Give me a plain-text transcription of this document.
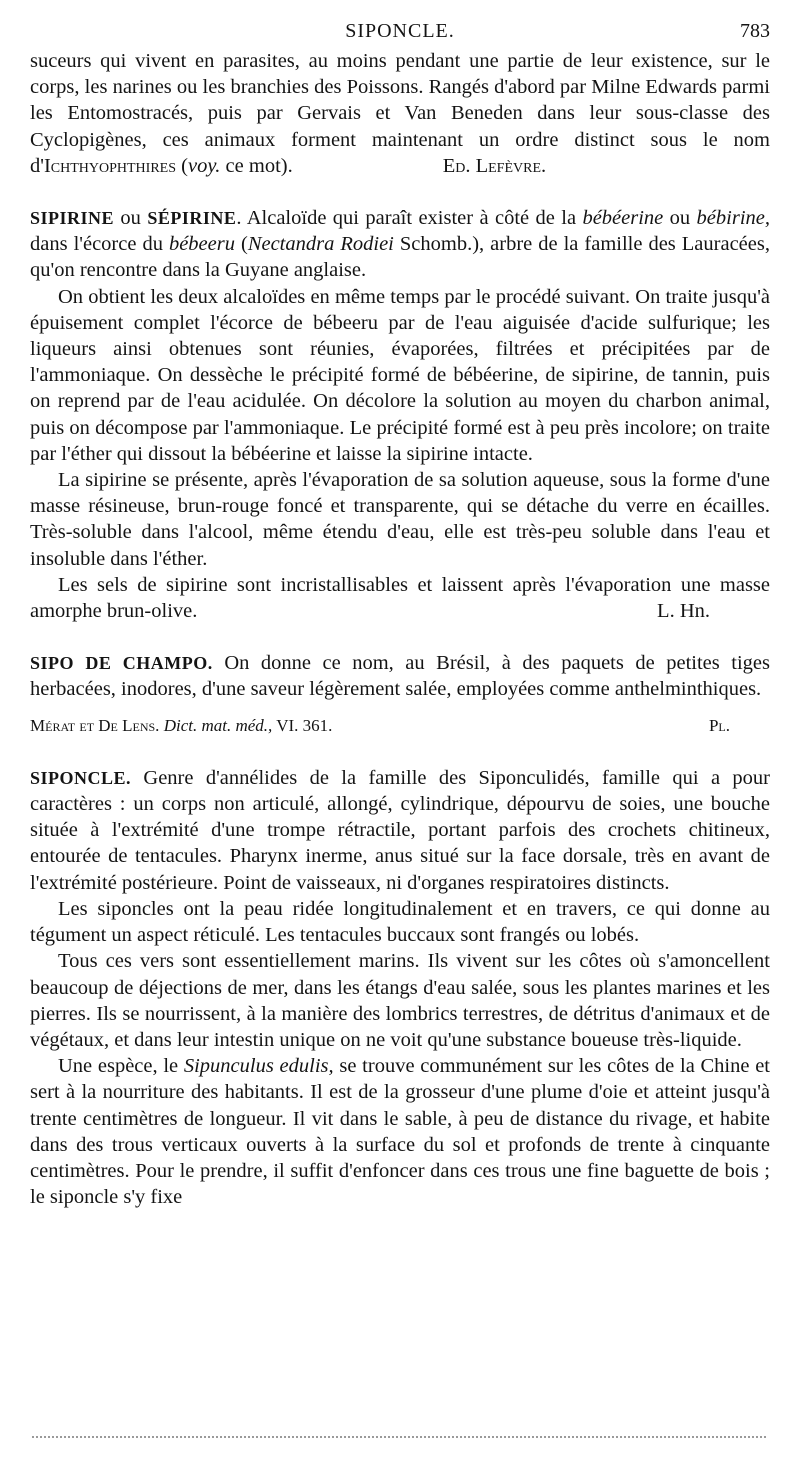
SIPONCLE.	783

suceurs qui vivent en parasites, au moins pendant une partie de leur existence, sur le corps, les narines ou les branchies des Poissons. Rangés d'abord par Milne Edwards parmi les Entomostracés, puis par Gervais et Van Beneden dans leur sous-classe des Cyclopigènes, ces animaux forment maintenant un ordre distinct sous le nom d'Ichthyophthires (voy. ce mot).	Ed. Lefèvre.

SIPIRINE ou SÉPIRINE. Alcaloïde qui paraît exister à côté de la bébéerine ou bébirine, dans l'écorce du bébeeru (Nectandra Rodiei Schomb.), arbre de la famille des Lauracées, qu'on rencontre dans la Guyane anglaise.

On obtient les deux alcaloïdes en même temps par le procédé suivant. On traite jusqu'à épuisement complet l'écorce de bébeeru par de l'eau aiguisée d'acide sulfurique; les liqueurs ainsi obtenues sont réunies, évaporées, filtrées et précipitées par de l'ammoniaque. On dessèche le précipité formé de bébéerine, de sipirine, de tannin, puis on reprend par de l'eau acidulée. On décolore la solution au moyen du charbon animal, puis on décompose par l'ammoniaque. Le précipité formé est à peu près incolore; on traite par l'éther qui dissout la bébéerine et laisse la sipirine intacte.

La sipirine se présente, après l'évaporation de sa solution aqueuse, sous la forme d'une masse résineuse, brun-rouge foncé et transparente, qui se détache du verre en écailles. Très-soluble dans l'alcool, même étendu d'eau, elle est très-peu soluble dans l'eau et insoluble dans l'éther.

Les sels de sipirine sont incristallisables et laissent après l'évaporation une masse amorphe brun-olive.	L. Hn.

SIPO DE CHAMPO. On donne ce nom, au Brésil, à des paquets de petites tiges herbacées, inodores, d'une saveur légèrement salée, employées comme anthelminthiques.

Mérat et De Lens. Dict. mat. méd., VI. 361.	Pl.

SIPONCLE. Genre d'annélides de la famille des Siponculidés, famille qui a pour caractères : un corps non articulé, allongé, cylindrique, dépourvu de soies, une bouche située à l'extrémité d'une trompe rétractile, portant parfois des crochets chitineux, entourée de tentacules. Pharynx inerme, anus situé sur la face dorsale, très en avant de l'extrémité postérieure. Point de vaisseaux, ni d'organes respiratoires distincts.

Les siponcles ont la peau ridée longitudinalement et en travers, ce qui donne au tégument un aspect réticulé. Les tentacules buccaux sont frangés ou lobés.

Tous ces vers sont essentiellement marins. Ils vivent sur les côtes où s'amoncellent beaucoup de déjections de mer, dans les étangs d'eau salée, sous les plantes marines et les pierres. Ils se nourrissent, à la manière des lombrics terrestres, de détritus d'animaux et de végétaux, et dans leur intestin unique on ne voit qu'une substance boueuse très-liquide.

Une espèce, le Sipunculus edulis, se trouve communément sur les côtes de la Chine et sert à la nourriture des habitants. Il est de la grosseur d'une plume d'oie et atteint jusqu'à trente centimètres de longueur. Il vit dans le sable, à peu de distance du rivage, et habite dans des trous verticaux ouverts à la surface du sol et profonds de trente à cinquante centimètres. Pour le prendre, il suffit d'enfoncer dans ces trous une fine baguette de bois ; le siponcle s'y fixe
